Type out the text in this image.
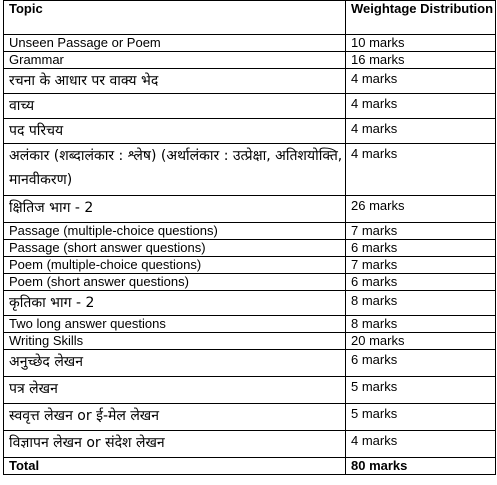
Topic	Weightage Distribution
Unseen Passage or Poem	10 marks
Grammar	16 marks
रचना के आधार पर वाक्य भेद	4 marks
वाच्य	4 marks
पद परिचय	4 marks
अलंकार (शब्दालंकार : श्लेष) (अर्थालंकार : उत्प्रेक्षा, अतिशयोक्ति, मानवीकरण)	4 marks
क्षितिज भाग - 2	26 marks
Passage (multiple-choice questions)	7 marks
Passage (short answer questions)	6 marks
Poem (multiple-choice questions)	7 marks
Poem (short answer questions)	6 marks
कृतिका भाग - 2	8 marks
Two long answer questions	8 marks
Writing Skills	20 marks
अनुच्छेद लेखन	6 marks
पत्र लेखन	5 marks
स्ववृत्त लेखन or ई-मेल लेखन	5 marks
विज्ञापन लेखन or संदेश लेखन	4 marks
Total	80 marks
